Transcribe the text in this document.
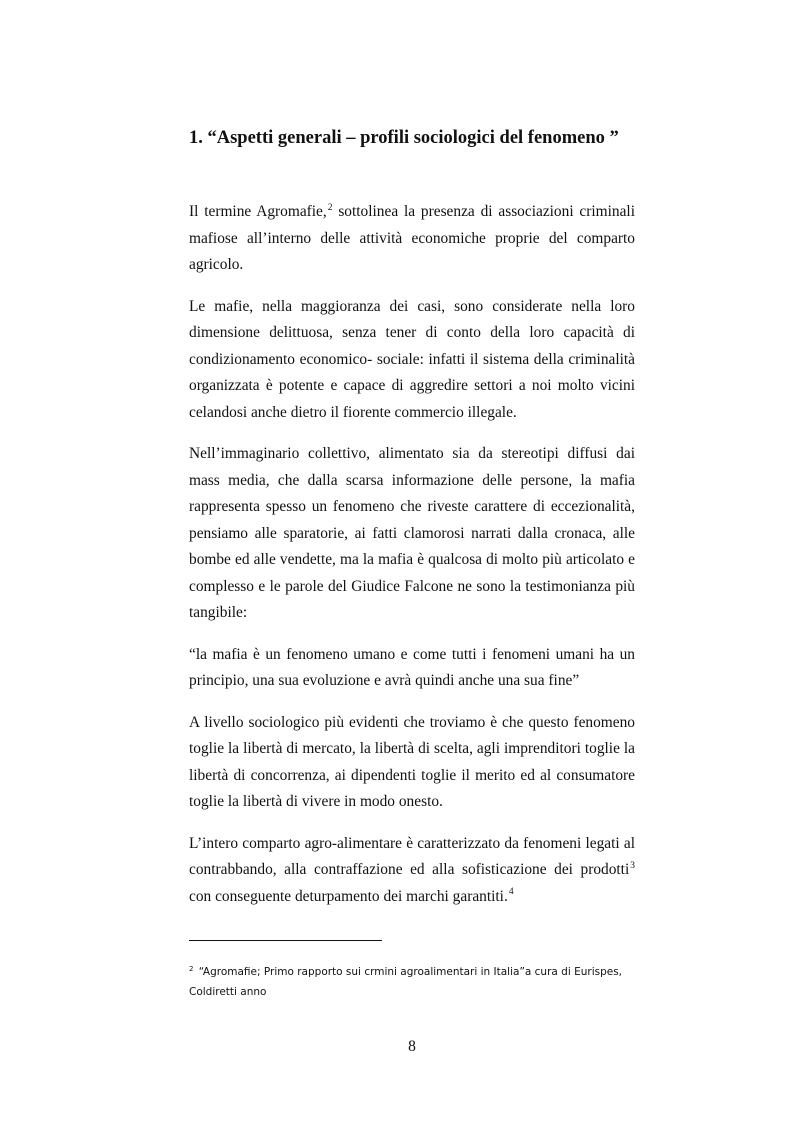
1. “Aspetti generali – profili sociologici del fenomeno ”

Il termine Agromafie,$^2$ sottolinea la presenza di associazioni criminali mafiose all’interno delle attività economiche proprie del comparto agricolo.

Le mafie, nella maggioranza dei casi, sono considerate nella loro dimensione delittuosa, senza tener di conto della loro capacità di condizionamento economico- sociale: infatti il sistema della criminalità organizzata è potente e capace di aggredire settori a noi molto vicini celandosi anche dietro il fiorente commercio illegale.

Nell’immaginario collettivo, alimentato sia da stereotipi diffusi dai mass media, che dalla scarsa informazione delle persone, la mafia rappresenta spesso un fenomeno che riveste carattere di eccezionalità, pensiamo alle sparatorie, ai fatti clamorosi narrati dalla cronaca, alle bombe ed alle vendette, ma la mafia è qualcosa di molto più articolato e complesso e le parole del Giudice Falcone ne sono la testimonianza più tangibile:

“la mafia è un fenomeno umano e come tutti i fenomeni umani ha un principio, una sua evoluzione e avrà quindi anche una sua fine”

A livello sociologico più evidenti che troviamo è che questo fenomeno toglie la libertà di mercato, la libertà di scelta, agli imprenditori toglie la libertà di concorrenza, ai dipendenti toglie il merito ed al consumatore toglie la libertà di vivere in modo onesto.

L’intero comparto agro-alimentare è caratterizzato da fenomeni legati al contrabbando, alla contraffazione ed alla sofisticazione dei prodotti$^3$ con conseguente deturpamento dei marchi garantiti.$^4$

$^2$ “Agromafie; Primo rapporto sui crmini agroalimentari in Italia”a cura di Eurispes, Coldiretti anno
8
